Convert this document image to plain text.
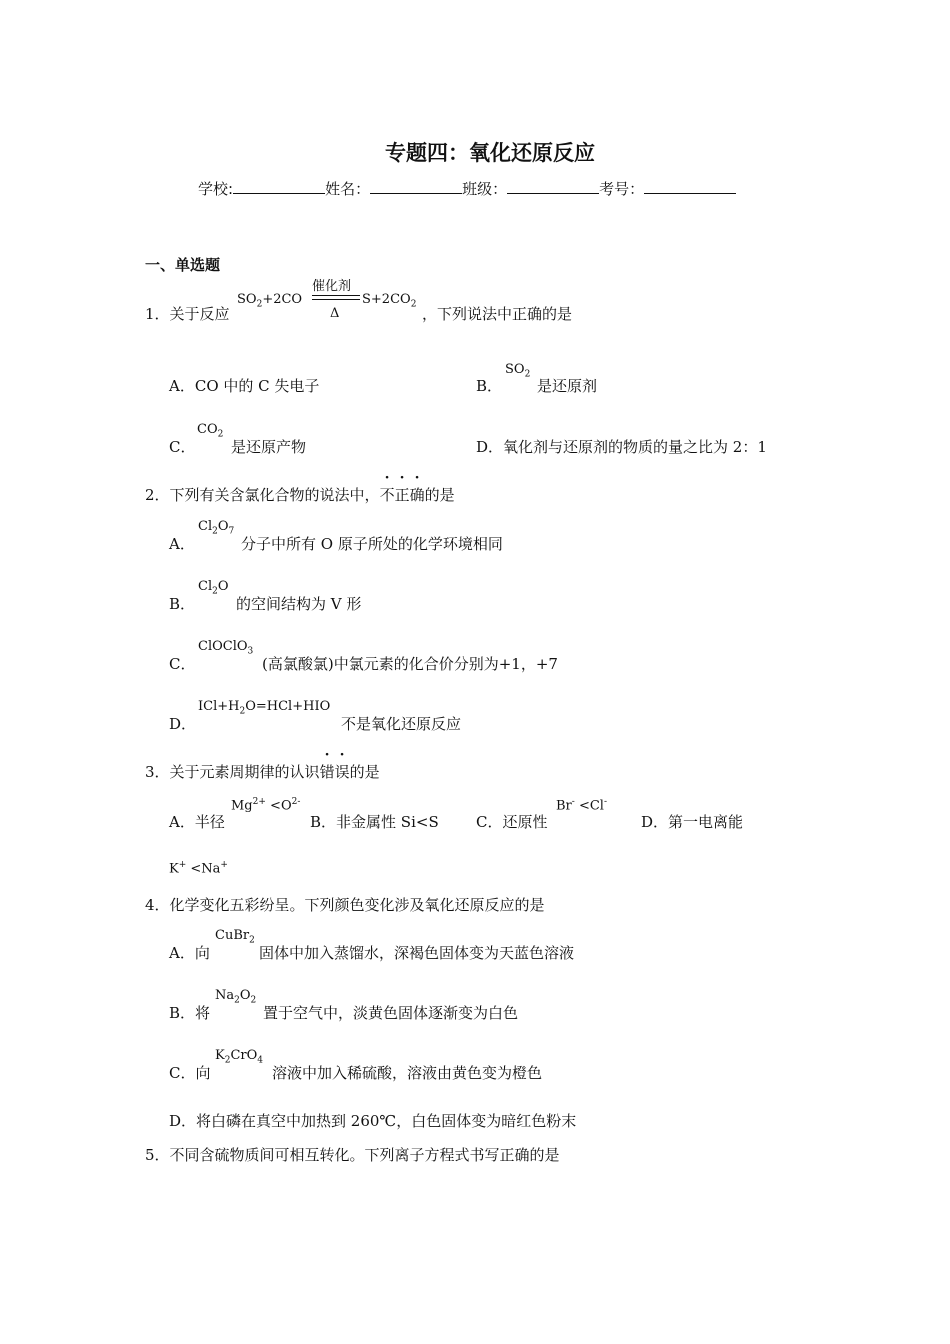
专题四：氧化还原反应
学校:	姓名：	班级：	考号：
一、单选题
1．关于反应
$SO_2+2CO$
催化剂
Δ
$S+2CO_2$
，下列说法中正确的是
A．CO 中的 C 失电子	B．
$SO_2$
是还原剂
C．
$CO_2$
是还原产物	D．氧化剂与还原剂的物质的量之比为 2：1
2．下列有关含氯化合物的说法中，不正确的是
A．
$Cl_2O_7$
分子中所有 O 原子所处的化学环境相同
B．
$Cl_2O$
的空间结构为 V 形
C．
ClOClO$_3$
(高氯酸氯)中氯元素的化合价分别为+1，+7
D．
$ICl+H_2O=HCl+HIO$
不是氧化还原反应
3．关于元素周期律的认识错误的是
A．半径
$Mg^{2+} <O^{2-}$
B．非金属性 Si<S C．还原性
Br- <Cl-
D．第一电离能
K+ <Na+
4．化学变化五彩纷呈。下列颜色变化涉及氧化还原反应的是
A．向
CuBr$_2$
固体中加入蒸馏水，深褐色固体变为天蓝色溶液
B．将
$Na_2O_2$
置于空气中，淡黄色固体逐渐变为白色
C．向
$K_2CrO_4$
溶液中加入稀硫酸，溶液由黄色变为橙色
D．将白磷在真空中加热到 260℃，白色固体变为暗红色粉末
5．不同含硫物质间可相互转化。下列离子方程式书写正确的是
